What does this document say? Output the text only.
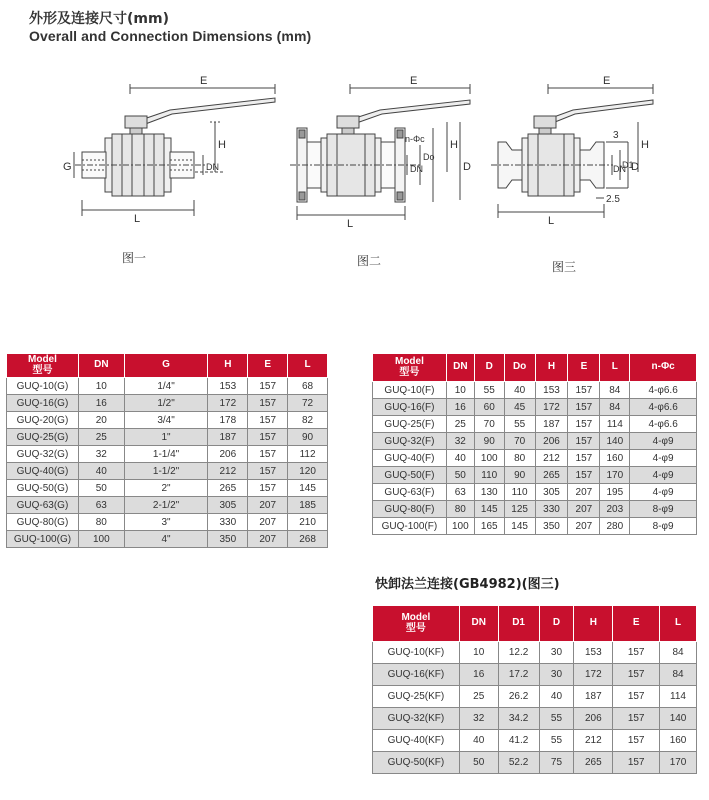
外形及连接尺寸(mm)
Overall and Connection Dimensions (mm)
E
H
G	DN
L
图一
E
H
D
n-Φc
DN
Do
L
图二
E
H
3
DN
D1
D
2.5
L
图三
Model
型号	DN	G	H	E	L
GUQ-10(G)	10	1/4"	153	157	68
GUQ-16(G)	16	1/2"	172	157	72
GUQ-20(G)	20	3/4"	178	157	82
GUQ-25(G)	25	1"	187	157	90
GUQ-32(G)	32	1-1/4"	206	157	112
GUQ-40(G)	40	1-1/2"	212	157	120
GUQ-50(G)	50	2"	265	157	145
GUQ-63(G)	63	2-1/2"	305	207	185
GUQ-80(G)	80	3"	330	207	210
GUQ-100(G)	100	4"	350	207	268
Model
型号	DN	D	Do	H	E	L	n-Φc
GUQ-10(F)	10	55	40	153	157	84	4-φ6.6
GUQ-16(F)	16	60	45	172	157	84	4-φ6.6
GUQ-25(F)	25	70	55	187	157	114	4-φ6.6
GUQ-32(F)	32	90	70	206	157	140	4-φ9
GUQ-40(F)	40	100	80	212	157	160	4-φ9
GUQ-50(F)	50	110	90	265	157	170	4-φ9
GUQ-63(F)	63	130	110	305	207	195	4-φ9
GUQ-80(F)	80	145	125	330	207	203	8-φ9
GUQ-100(F)	100	165	145	350	207	280	8-φ9
快卸法兰连接(GB4982)(图三)
Model
型号	DN	D1	D	H	E	L
GUQ-10(KF)	10	12.2	30	153	157	84
GUQ-16(KF)	16	17.2	30	172	157	84
GUQ-25(KF)	25	26.2	40	187	157	114
GUQ-32(KF)	32	34.2	55	206	157	140
GUQ-40(KF)	40	41.2	55	212	157	160
GUQ-50(KF)	50	52.2	75	265	157	170
